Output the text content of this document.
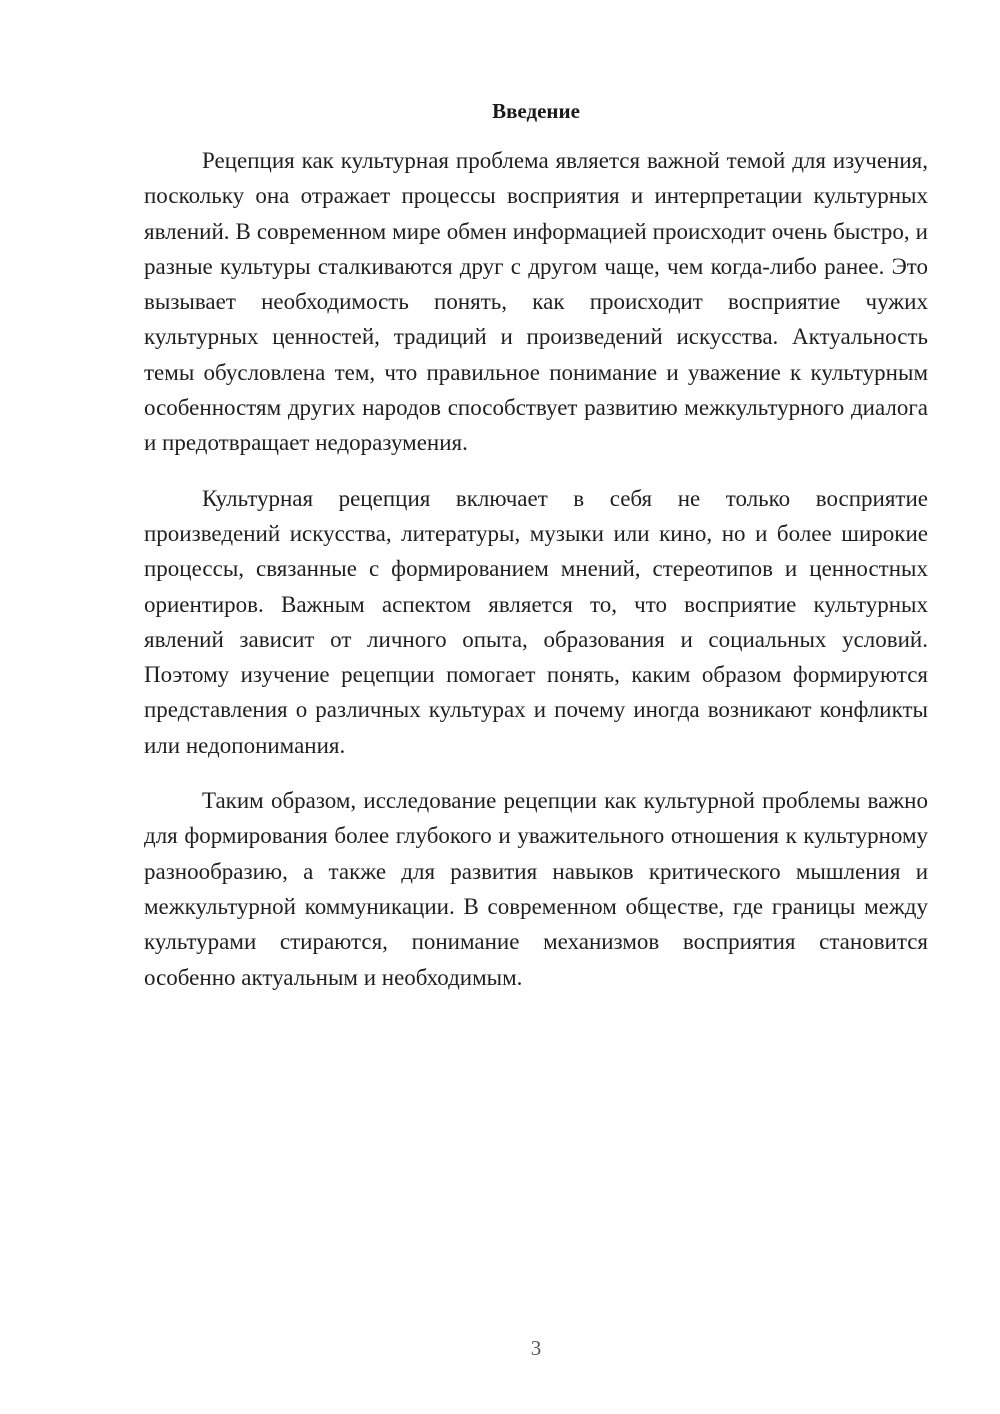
Введение

Рецепция как культурная проблема является важной темой для изучения, поскольку она отражает процессы восприятия и интерпретации культурных явлений. В современном мире обмен информацией происходит очень быстро, и разные культуры сталкиваются друг с другом чаще, чем когда-либо ранее. Это вызывает необходимость понять, как происходит восприятие чужих культурных ценностей, традиций и произведений искусства. Актуальность темы обусловлена тем, что правильное понимание и уважение к культурным особенностям других народов способствует развитию межкультурного диалога и предотвращает недоразумения.

Культурная рецепция включает в себя не только восприятие произведений искусства, литературы, музыки или кино, но и более широкие процессы, связанные с формированием мнений, стереотипов и ценностных ориентиров. Важным аспектом является то, что восприятие культурных явлений зависит от личного опыта, образования и социальных условий. Поэтому изучение рецепции помогает понять, каким образом формируются представления о различных культурах и почему иногда возникают конфликты или недопонимания.

Таким образом, исследование рецепции как культурной проблемы важно для формирования более глубокого и уважительного отношения к культурному разнообразию, а также для развития навыков критического мышления и межкультурной коммуникации. В современном обществе, где границы между культурами стираются, понимание механизмов восприятия становится особенно актуальным и необходимым.

3
